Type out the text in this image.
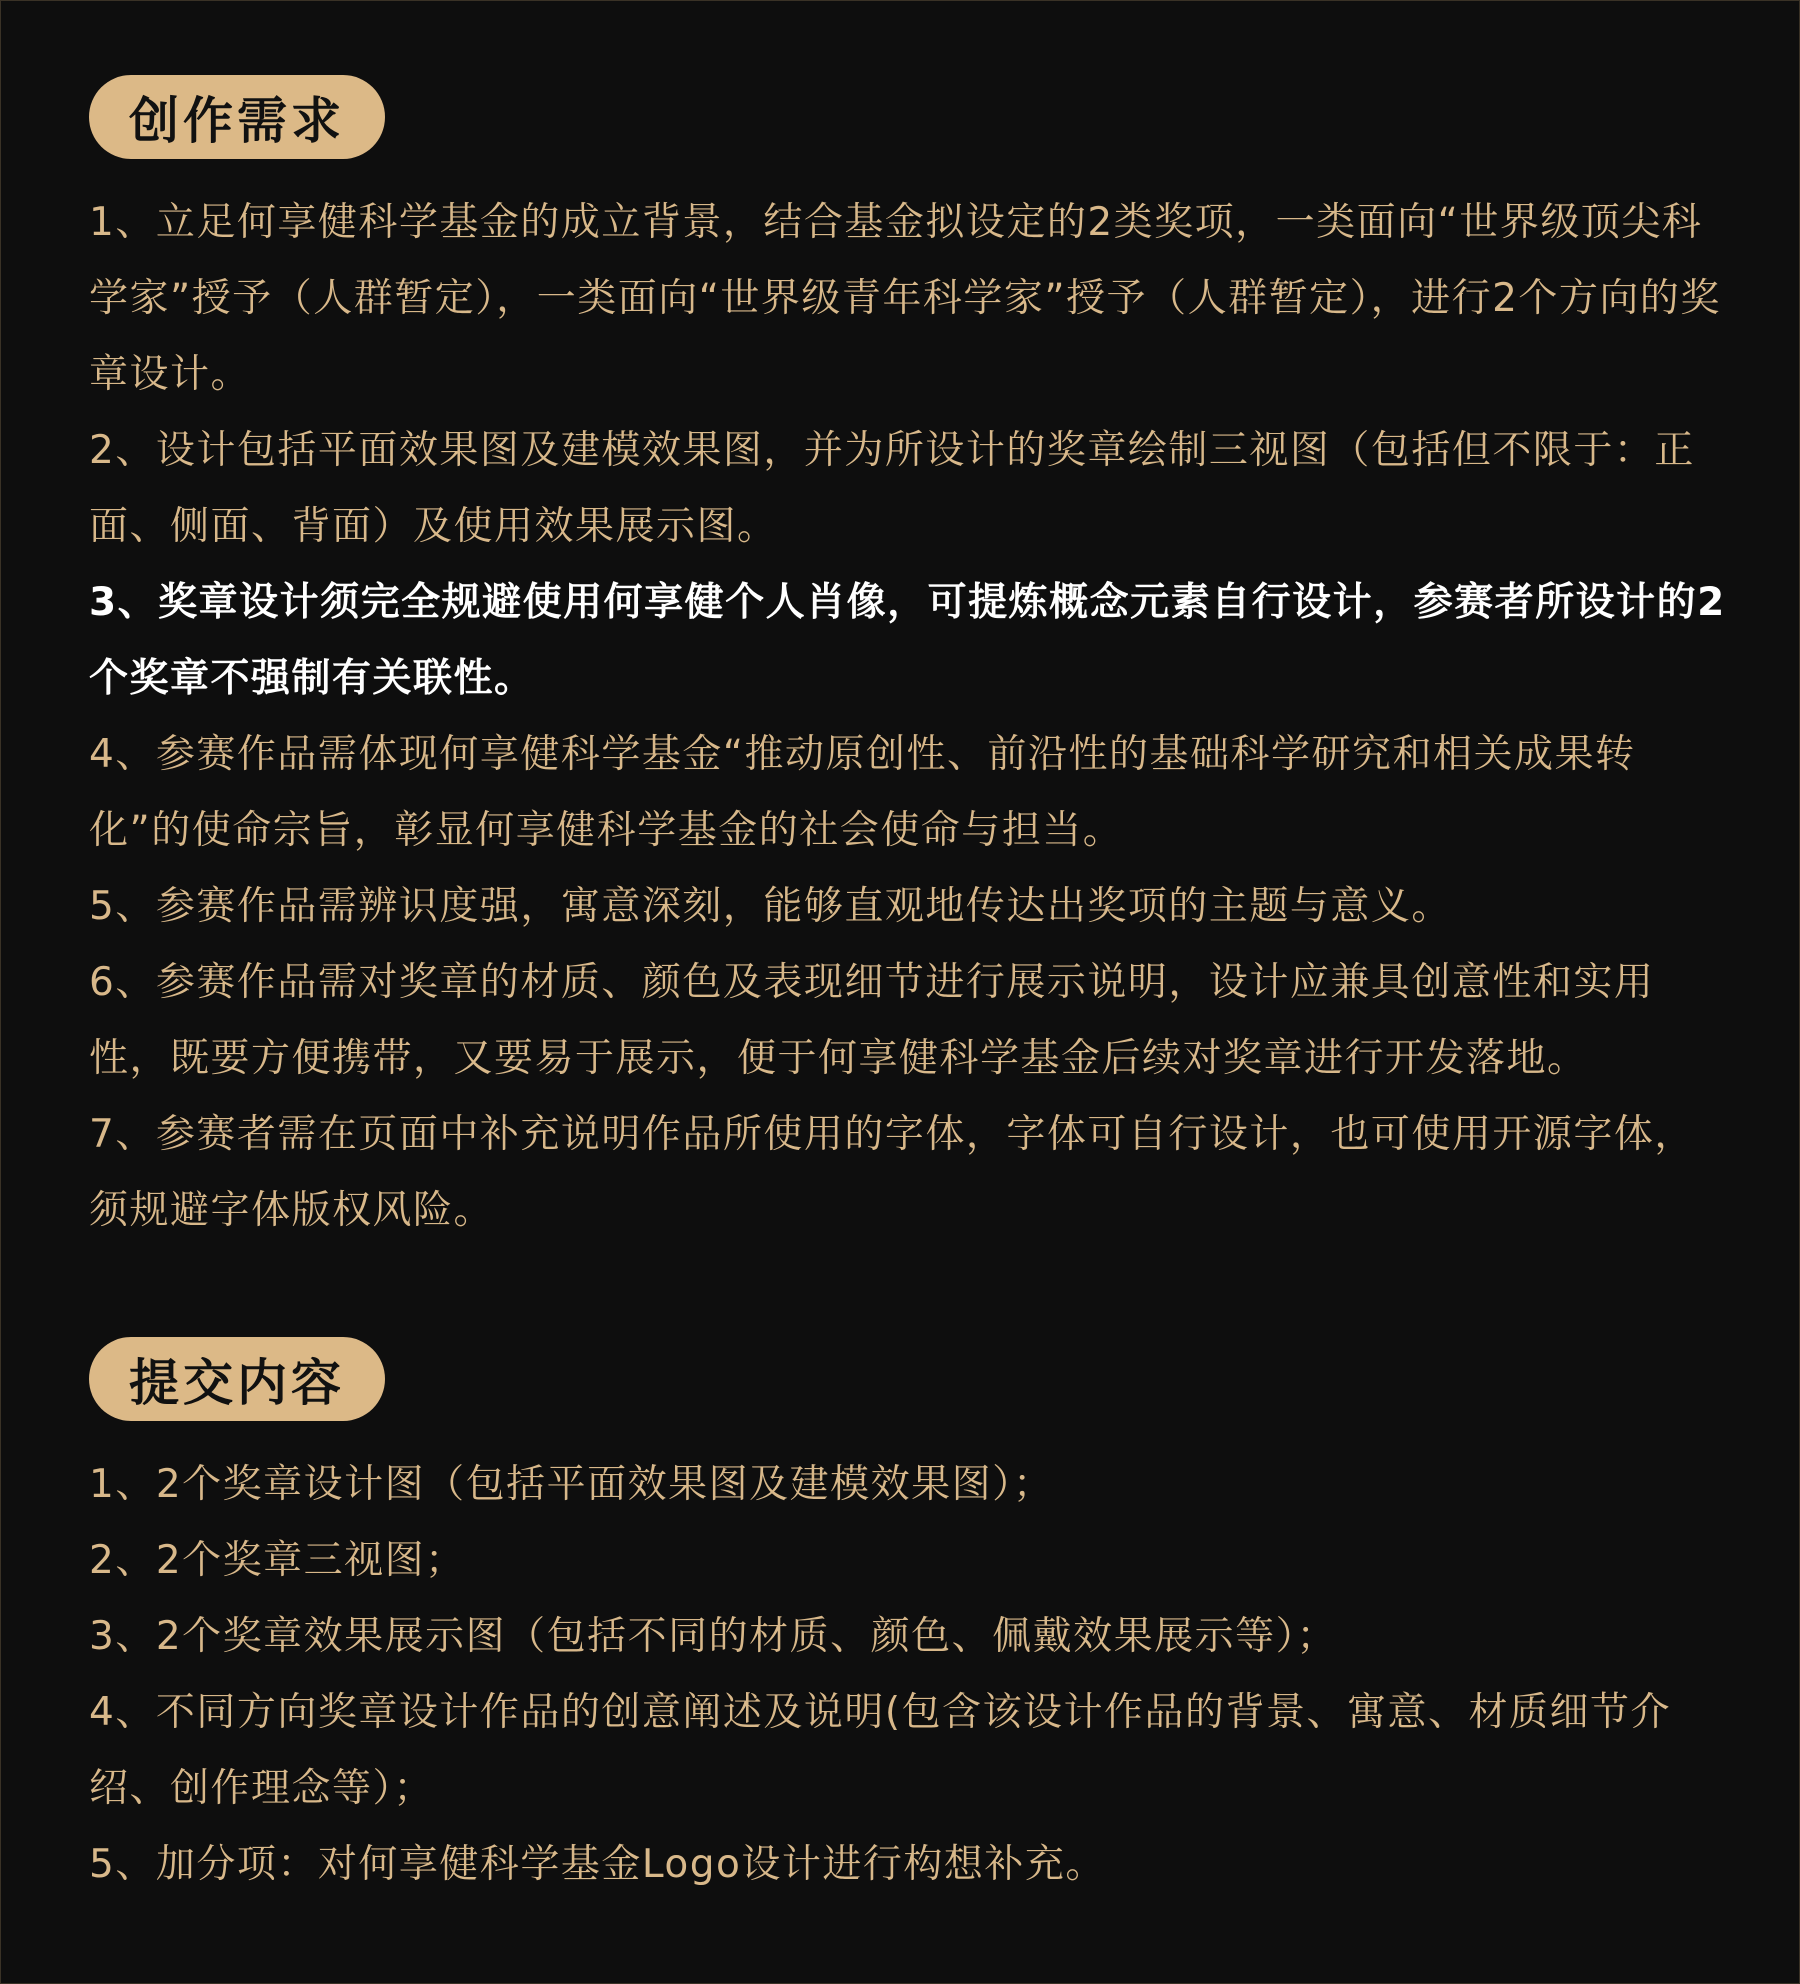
创作需求
1、立足何享健科学基金的成立背景，结合基金拟设定的2类奖项，一类面向“世界级顶尖科学家”授予（人群暂定），一类面向“世界级青年科学家”授予（人群暂定），进行2个方向的奖章设计。
2、设计包括平面效果图及建模效果图，并为所设计的奖章绘制三视图（包括但不限于：正面、侧面、背面）及使用效果展示图。
3、奖章设计须完全规避使用何享健个人肖像，可提炼概念元素自行设计，参赛者所设计的2个奖章不强制有关联性。
4、参赛作品需体现何享健科学基金“推动原创性、前沿性的基础科学研究和相关成果转化”的使命宗旨，彰显何享健科学基金的社会使命与担当。
5、参赛作品需辨识度强，寓意深刻，能够直观地传达出奖项的主题与意义。
6、参赛作品需对奖章的材质、颜色及表现细节进行展示说明，设计应兼具创意性和实用性，既要方便携带，又要易于展示，便于何享健科学基金后续对奖章进行开发落地。
7、参赛者需在页面中补充说明作品所使用的字体，字体可自行设计，也可使用开源字体，须规避字体版权风险。
提交内容
1、2个奖章设计图（包括平面效果图及建模效果图）；
2、2个奖章三视图；
3、2个奖章效果展示图（包括不同的材质、颜色、佩戴效果展示等）；
4、不同方向奖章设计作品的创意阐述及说明(包含该设计作品的背景、寓意、材质细节介绍、创作理念等）；
5、加分项：对何享健科学基金Logo设计进行构想补充。
